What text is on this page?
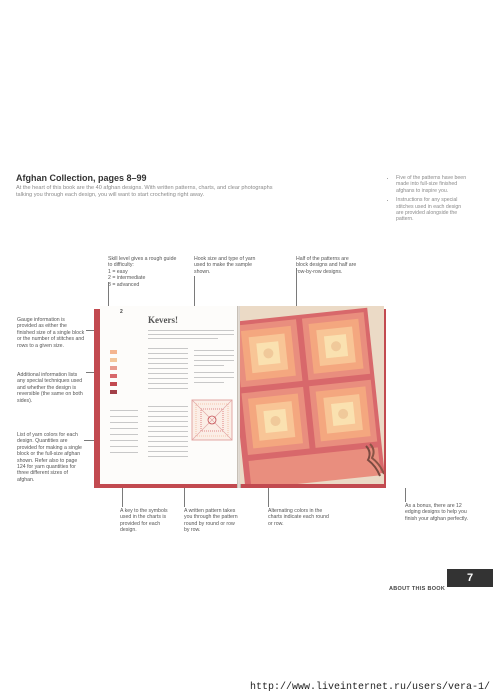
Afghan Collection, pages 8–99
At the heart of this book are the 40 afghan designs. With written patterns, charts, and clear photographs talking you through each design, you will want to start crocheting right away.
• Five of the patterns have been made into full-size finished afghans to inspire you.
• Instructions for any special stitches used in each design are provided alongside the pattern.
Skill level gives a rough guide to difficulty:
1 = easy
2 = intermediate
3 = advanced
Hook size and type of yarn used to make the sample shown.
Half of the patterns are block designs and half are row-by-row designs.
Gauge information is provided as either the finished size of a single block or the number of stitches and rows to a given size.
Additional information lists any special techniques used and whether the design is reversible (the same on both sides).
List of yarn colors for each design. Quantities are provided for making a single block or the full-size afghan shown. Refer also to page 124 for yarn quantities for three different sizes of afghan.
A key to the symbols used in the charts is provided for each design.
A written pattern takes you through the pattern round by round or row by row.
Alternating colors in the charts indicate each round or row.
As a bonus, there are 12 edging designs to help you finish your afghan perfectly.
2
Kevers!
7
ABOUT THIS BOOK
http://www.liveinternet.ru/users/vera-1/
